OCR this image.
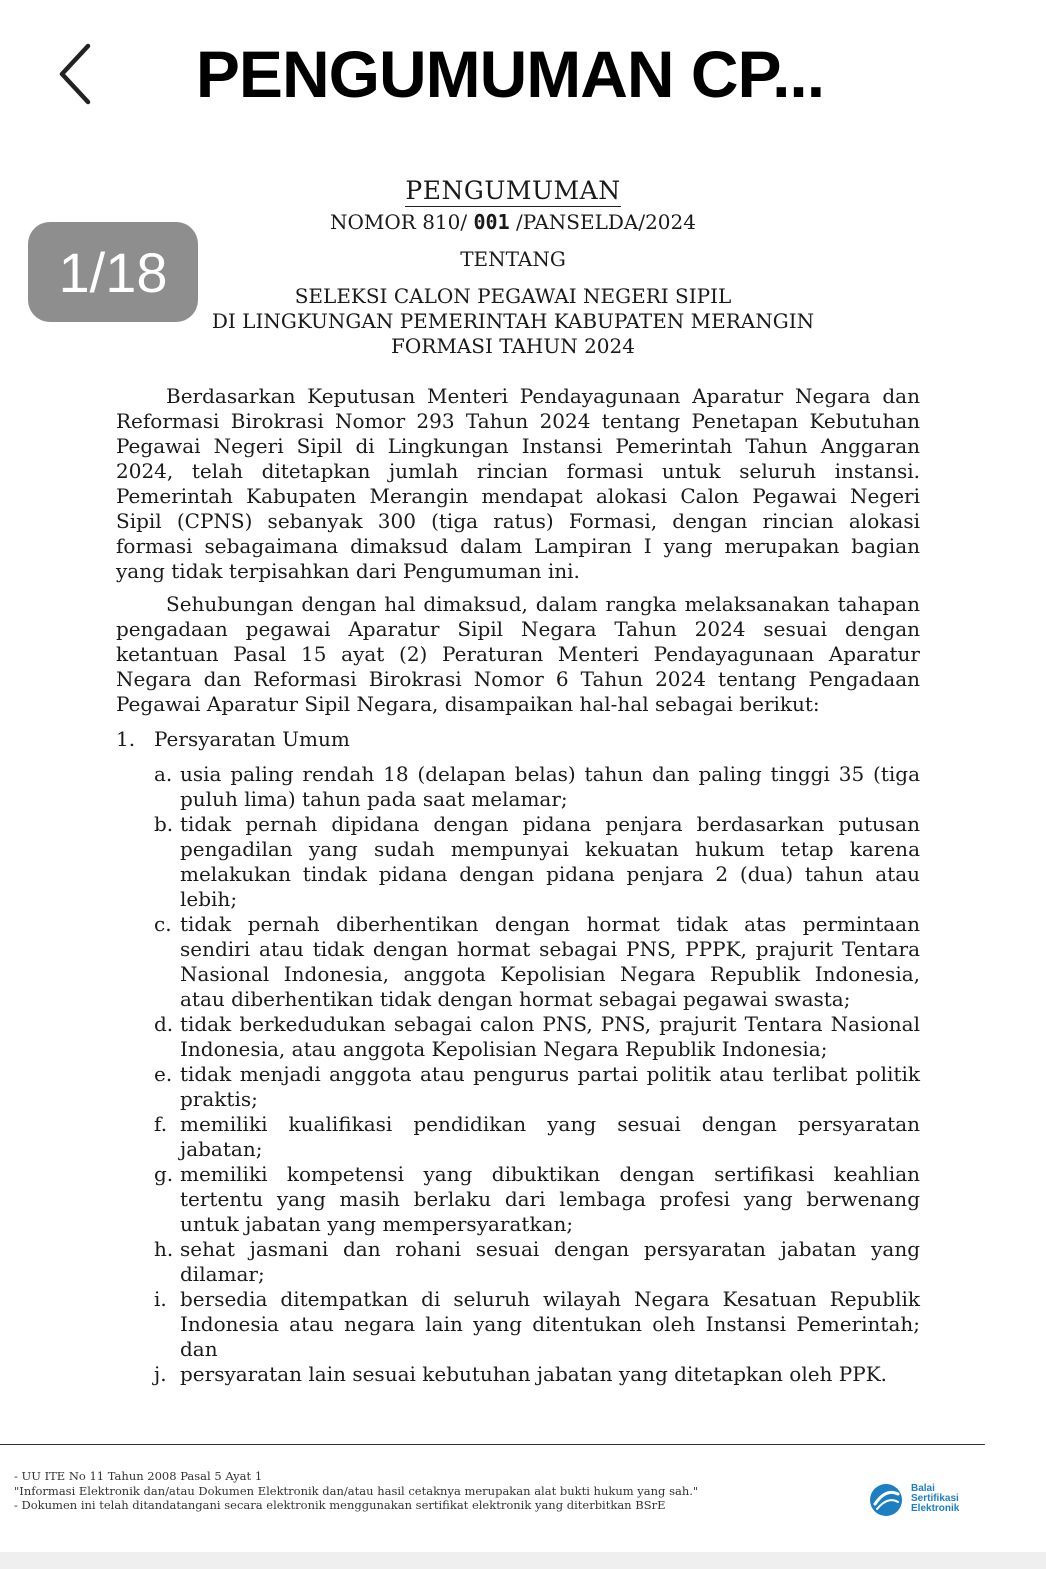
PENGUMUMAN CP...
1/18
PENGUMUMAN
NOMOR 810/ 001 /PANSELDA/2024
TENTANG
SELEKSI CALON PEGAWAI NEGERI SIPIL
DI LINGKUNGAN PEMERINTAH KABUPATEN MERANGIN
FORMASI TAHUN 2024
Berdasarkan Keputusan Menteri Pendayagunaan Aparatur Negara dan Reformasi Birokrasi Nomor 293 Tahun 2024 tentang Penetapan Kebutuhan Pegawai Negeri Sipil di Lingkungan Instansi Pemerintah Tahun Anggaran 2024, telah ditetapkan jumlah rincian formasi untuk seluruh instansi. Pemerintah Kabupaten Merangin mendapat alokasi Calon Pegawai Negeri Sipil (CPNS) sebanyak 300 (tiga ratus) Formasi, dengan rincian alokasi formasi sebagaimana dimaksud dalam Lampiran I yang merupakan bagian yang tidak terpisahkan dari Pengumuman ini.
Sehubungan dengan hal dimaksud, dalam rangka melaksanakan tahapan pengadaan pegawai Aparatur Sipil Negara Tahun 2024 sesuai dengan ketantuan Pasal 15 ayat (2) Peraturan Menteri Pendayagunaan Aparatur Negara dan Reformasi Birokrasi Nomor 6 Tahun 2024 tentang Pengadaan Pegawai Aparatur Sipil Negara, disampaikan hal-hal sebagai berikut:
1. Persyaratan Umum
a. usia paling rendah 18 (delapan belas) tahun dan paling tinggi 35 (tiga puluh lima) tahun pada saat melamar;
b. tidak pernah dipidana dengan pidana penjara berdasarkan putusan pengadilan yang sudah mempunyai kekuatan hukum tetap karena melakukan tindak pidana dengan pidana penjara 2 (dua) tahun atau lebih;
c. tidak pernah diberhentikan dengan hormat tidak atas permintaan sendiri atau tidak dengan hormat sebagai PNS, PPPK, prajurit Tentara Nasional Indonesia, anggota Kepolisian Negara Republik Indonesia, atau diberhentikan tidak dengan hormat sebagai pegawai swasta;
d. tidak berkedudukan sebagai calon PNS, PNS, prajurit Tentara Nasional Indonesia, atau anggota Kepolisian Negara Republik Indonesia;
e. tidak menjadi anggota atau pengurus partai politik atau terlibat politik praktis;
f. memiliki kualifikasi pendidikan yang sesuai dengan persyaratan jabatan;
g. memiliki kompetensi yang dibuktikan dengan sertifikasi keahlian tertentu yang masih berlaku dari lembaga profesi yang berwenang untuk jabatan yang mempersyaratkan;
h. sehat jasmani dan rohani sesuai dengan persyaratan jabatan yang dilamar;
i. bersedia ditempatkan di seluruh wilayah Negara Kesatuan Republik Indonesia atau negara lain yang ditentukan oleh Instansi Pemerintah; dan
j. persyaratan lain sesuai kebutuhan jabatan yang ditetapkan oleh PPK.
- UU ITE No 11 Tahun 2008 Pasal 5 Ayat 1
"Informasi Elektronik dan/atau Dokumen Elektronik dan/atau hasil cetaknya merupakan alat bukti hukum yang sah."
- Dokumen ini telah ditandatangani secara elektronik menggunakan sertifikat elektronik yang diterbitkan BSrE
Balai
Sertifikasi
Elektronik
